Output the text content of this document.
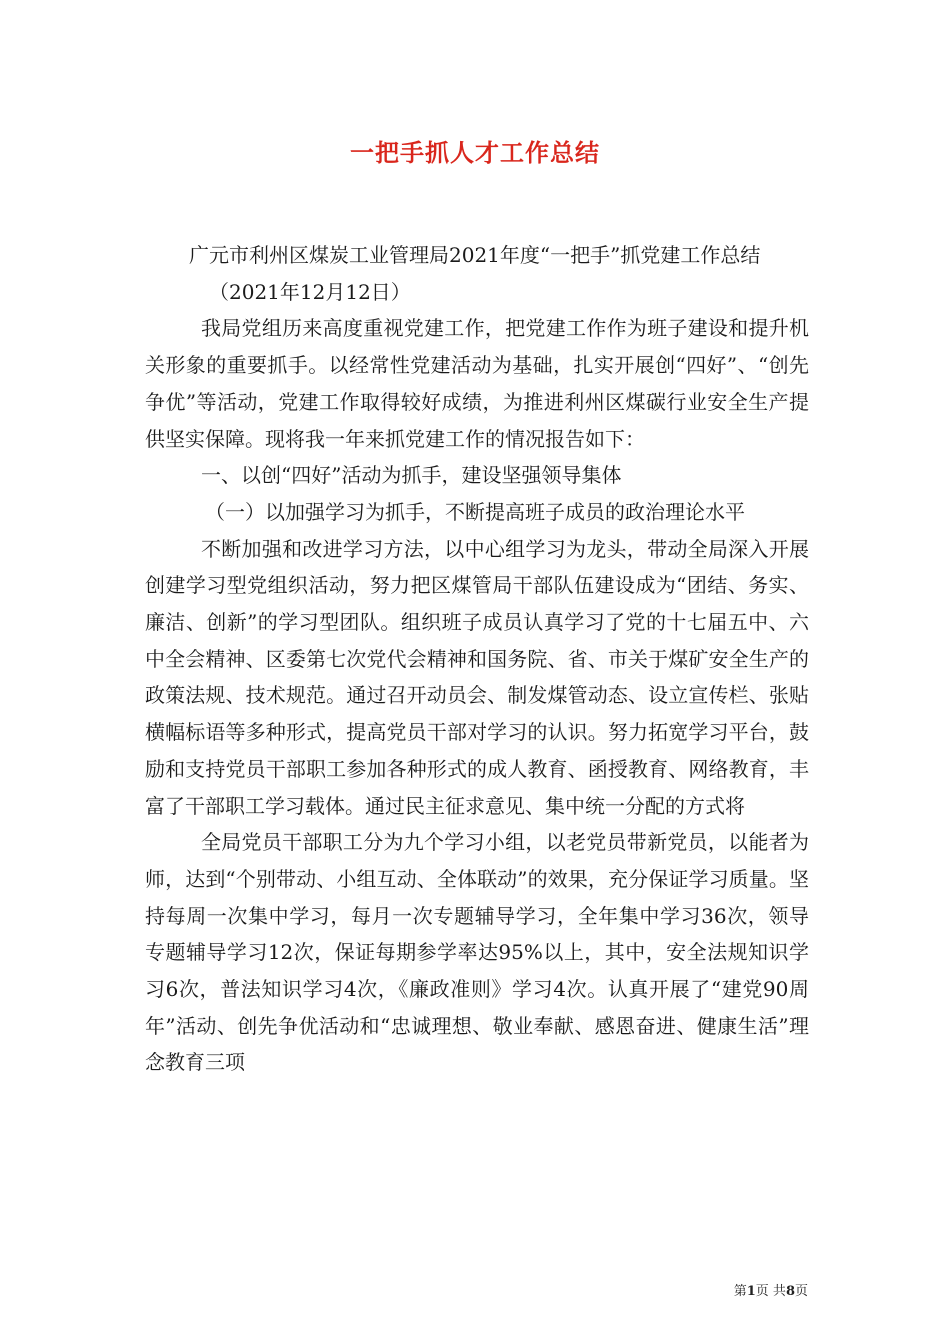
一把手抓人才工作总结

广元市利州区煤炭工业管理局2021年度“一把手”抓党建工作总结

（2021年12月12日）

我局党组历来高度重视党建工作，把党建工作作为班子建设和提升机关形象的重要抓手。以经常性党建活动为基础，扎实开展创“四好”、“创先争优”等活动，党建工作取得较好成绩，为推进利州区煤碳行业安全生产提供坚实保障。现将我一年来抓党建工作的情况报告如下：

一、以创“四好”活动为抓手，建设坚强领导集体

（一）以加强学习为抓手，不断提高班子成员的政治理论水平

不断加强和改进学习方法，以中心组学习为龙头，带动全局深入开展创建学习型党组织活动，努力把区煤管局干部队伍建设成为“团结、务实、廉洁、创新”的学习型团队。组织班子成员认真学习了党的十七届五中、六中全会精神、区委第七次党代会精神和国务院、省、市关于煤矿安全生产的政策法规、技术规范。通过召开动员会、制发煤管动态、设立宣传栏、张贴横幅标语等多种形式，提高党员干部对学习的认识。努力拓宽学习平台，鼓励和支持党员干部职工参加各种形式的成人教育、函授教育、网络教育，丰富了干部职工学习载体。通过民主征求意见、集中统一分配的方式将

全局党员干部职工分为九个学习小组，以老党员带新党员，以能者为师，达到“个别带动、小组互动、全体联动”的效果，充分保证学习质量。坚持每周一次集中学习，每月一次专题辅导学习，全年集中学习36次，领导专题辅导学习12次，保证每期参学率达95%以上，其中，安全法规知识学习6次，普法知识学习4次，《廉政准则》学习4次。认真开展了“建党90周年”活动、创先争优活动和“忠诚理想、敬业奉献、感恩奋进、健康生活”理念教育三项

第1页 共8页
